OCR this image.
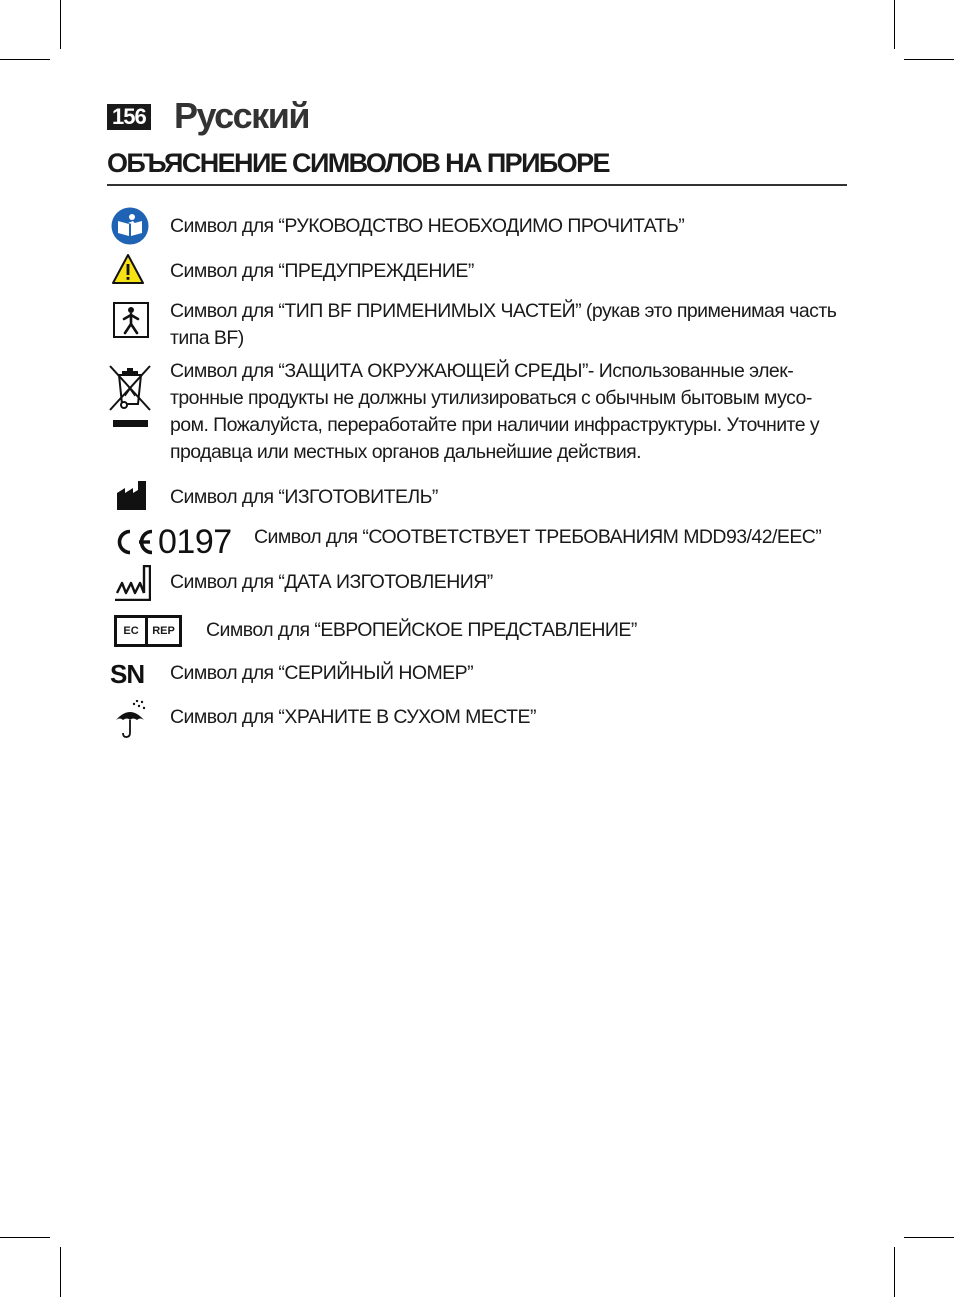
156 Русский
ОБЪЯСНЕНИЕ СИМВОЛОВ НА ПРИБОРЕ
Символ для “РУКОВОДСТВО НЕОБХОДИМО ПРОЧИТАТЬ”
Символ для “ПРЕДУПРЕЖДЕНИЕ”
Символ для “ТИП BF ПРИМЕНИМЫХ ЧАСТЕЙ” (рукав это применимая часть типа BF)
Символ для “ЗАЩИТА ОКРУЖАЮЩЕЙ СРЕДЫ”- Использованные элек- тронные продукты не должны утилизироваться с обычным бытовым мусо- ром. Пожалуйста, переработайте при наличии инфраструктуры. Уточните у продавца или местных органов дальнейшие действия.
Символ для “ИЗГОТОВИТЕЛЬ”
0197 Символ для “СООТВЕТСТВУЕТ ТРЕБОВАНИЯМ MDD93/42/EEC”
Символ для “ДАТА ИЗГОТОВЛЕНИЯ”
EC	REP Символ для “ЕВРОПЕЙСКОЕ ПРЕДСТАВЛЕНИЕ”
SN Символ для “СЕРИЙНЫЙ НОМЕР”
Символ для “ХРАНИТЕ В СУХОМ МЕСТЕ”
